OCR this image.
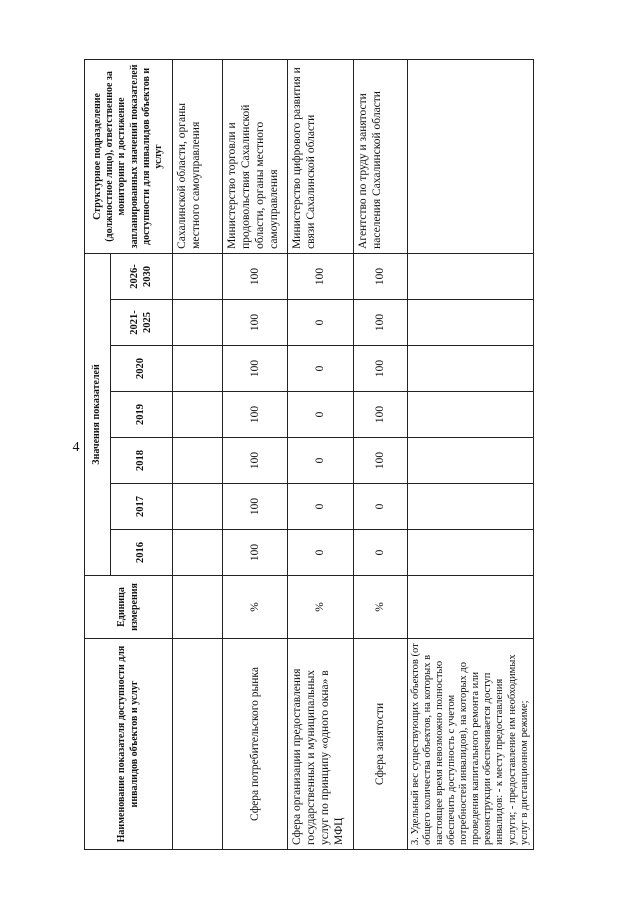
4
Наименование показателя доступности для инвалидов объектов и услуг	Единица измерения	Значения показателей							Структурное подразделение (должностное лицо), ответственное за мониторинг и достижение запланированных значений показателей доступности для инвалидов объектов и услуг
		2016	2017	2018	2019	2020	2021-2025	2026-2030	
									Сахалинской области, органы местного самоуправления
Сфера потребительского рынка	%	100	100	100	100	100	100	100	Министерство торговли и продовольствия Сахалинской области, органы местного самоуправления
Сфера организации предоставления государственных и муниципальных услуг по принципу «одного окна» в МФЦ	%	0	0	0	0	0	0	100	Министерство цифрового развития и связи Сахалинской области
Сфера занятости	%	0	0	100	100	100	100	100	Агентство по труду и занятости населения Сахалинской области
3. Удельный вес существующих объектов (от общего количества объектов, на которых в настоящее время невозможно полностью обеспечить доступность с учетом потребностей инвалидов), на которых до проведения капитального ремонта или реконструкции обеспечивается доступ инвалидов: - к месту предоставления услуги; - предоставление им необходимых услуг в дистанционном режиме;									
